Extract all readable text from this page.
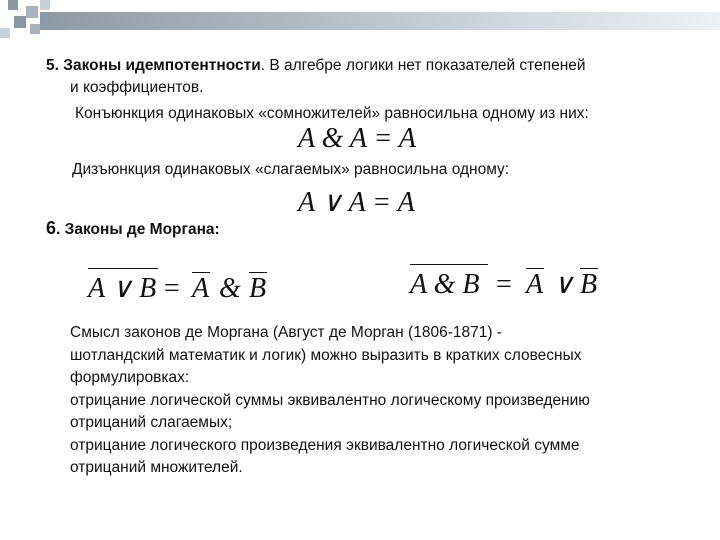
5. Законы идемпотентности. В алгебре логики нет показателей степеней
и коэффициентов.
Конъюнкция одинаковых «сомножителей» равносильна одному из них:
A & A = A
Дизъюнкция одинаковых «слагаемых» равносильна одному:
A ∨ A = A
6. Законы де Моргана:
A ∨ B = A & B	A & B = A ∨ B
Смысл законов де Моргана (Август де Морган (1806-1871) -
шотландский математик и логик) можно выразить в кратких словесных
формулировках:
отрицание логической суммы эквивалентно логическому произведению
отрицаний слагаемых;
отрицание логического произведения эквивалентно логической сумме
отрицаний множителей.
